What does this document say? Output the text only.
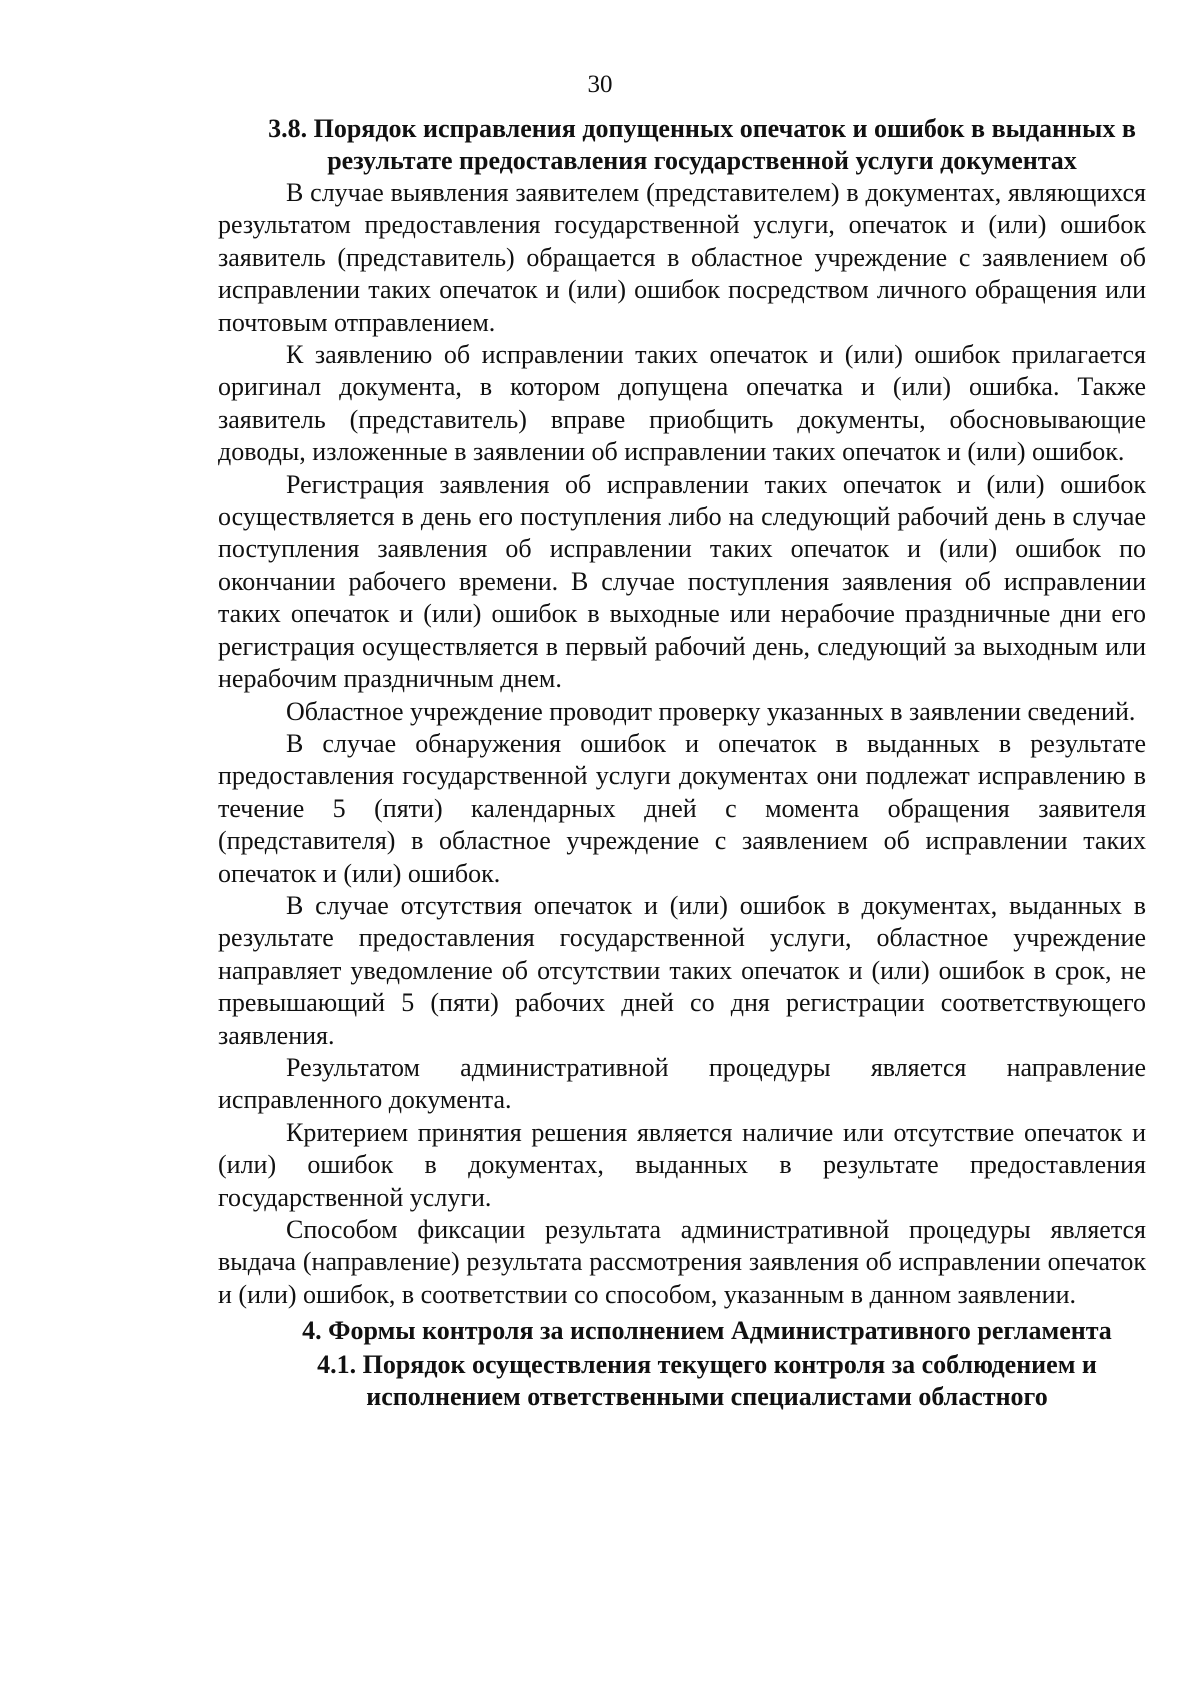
30

3.8. Порядок исправления допущенных опечаток и ошибок в выданных в результате предоставления государственной услуги документах

В случае выявления заявителем (представителем) в документах, являющихся результатом предоставления государственной услуги, опечаток и (или) ошибок заявитель (представитель) обращается в областное учреждение с заявлением об исправлении таких опечаток и (или) ошибок посредством личного обращения или почтовым отправлением.

К заявлению об исправлении таких опечаток и (или) ошибок прилагается оригинал документа, в котором допущена опечатка и (или) ошибка. Также заявитель (представитель) вправе приобщить документы, обосновывающие доводы, изложенные в заявлении об исправлении таких опечаток и (или) ошибок.

Регистрация заявления об исправлении таких опечаток и (или) ошибок осуществляется в день его поступления либо на следующий рабочий день в случае поступления заявления об исправлении таких опечаток и (или) ошибок по окончании рабочего времени. В случае поступления заявления об исправлении таких опечаток и (или) ошибок в выходные или нерабочие праздничные дни его регистрация осуществляется в первый рабочий день, следующий за выходным или нерабочим праздничным днем.

Областное учреждение проводит проверку указанных в заявлении сведений.

В случае обнаружения ошибок и опечаток в выданных в результате предоставления государственной услуги документах они подлежат исправлению в течение 5 (пяти) календарных дней с момента обращения заявителя (представителя) в областное учреждение с заявлением об исправлении таких опечаток и (или) ошибок.

В случае отсутствия опечаток и (или) ошибок в документах, выданных в результате предоставления государственной услуги, областное учреждение направляет уведомление об отсутствии таких опечаток и (или) ошибок в срок, не превышающий 5 (пяти) рабочих дней со дня регистрации соответствующего заявления.

Результатом административной процедуры является направление исправленного документа.

Критерием принятия решения является наличие или отсутствие опечаток и (или) ошибок в документах, выданных в результате предоставления государственной услуги.

Способом фиксации результата административной процедуры является выдача (направление) результата рассмотрения заявления об исправлении опечаток и (или) ошибок, в соответствии со способом, указанным в данном заявлении.

4. Формы контроля за исполнением Административного регламента

4.1. Порядок осуществления текущего контроля за соблюдением и исполнением ответственными специалистами областного
